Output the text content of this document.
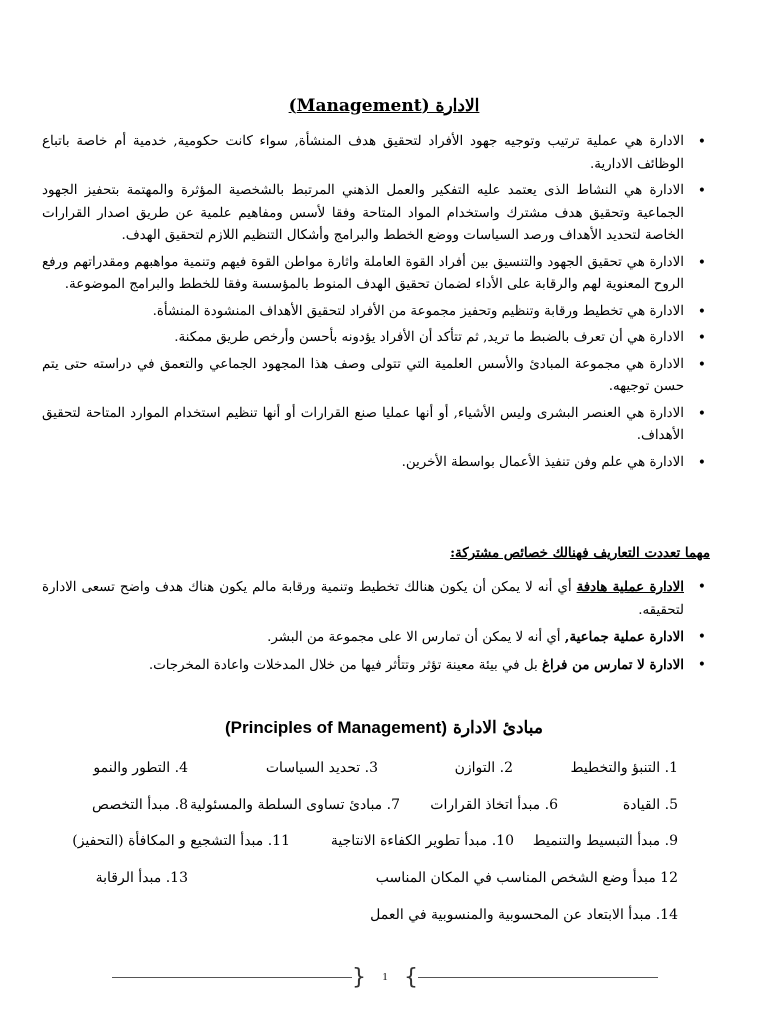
الادارة (Management)
• الادارة هي عملية ترتيب وتوجيه جهود الأفراد لتحقيق هدف المنشأة, سواء كانت حكومية, خدمية أم خاصة باتباع الوظائف الادارية.
• الادارة هي النشاط الذى يعتمد عليه التفكير والعمل الذهني المرتبط بالشخصية المؤثرة والمهتمة بتحفيز الجهود الجماعية وتحقيق هدف مشترك واستخدام المواد المتاحة وفقا لأسس ومفاهيم علمية عن طريق اصدار القرارات الخاصة لتحديد الأهداف ورصد السياسات ووضع الخطط والبرامج وأشكال التنظيم اللازم لتحقيق الهدف.
• الادارة هي تحقيق الجهود والتنسيق بين أفراد القوة العاملة واثارة مواطن القوة فيهم وتنمية مواهبهم ومقدراتهم ورفع الروح المعنوية لهم والرقابة على الأداء لضمان تحقيق الهدف المنوط بالمؤسسة وفقا للخطط والبرامج الموضوعة.
• الادارة هي تخطيط ورقابة وتنظيم وتحفيز مجموعة من الأفراد لتحقيق الأهداف المنشودة المنشأة.
• الادارة هي أن تعرف بالضبط ما تريد, ثم تتأكد أن الأفراد يؤدونه بأحسن وأرخص طريق ممكنة.
• الادارة هي مجموعة المبادئ والأسس العلمية التي تتولى وصف هذا المجهود الجماعي والتعمق في دراسته حتى يتم حسن توجيهه.
• الادارة هي العنصر البشرى وليس الأشياء, أو أنها عمليا صنع القرارات أو أنها تنظيم استخدام الموارد المتاحة لتحقيق الأهداف.
• الادارة هي علم وفن تنفيذ الأعمال بواسطة الأخرين.
مهما تعددت التعاريف فهنالك خصائص مشتركة:
• الادارة عملية هادفة أي أنه لا يمكن أن يكون هنالك تخطيط وتنمية ورقابة مالم يكون هناك هدف واضح تسعى الادارة لتحقيقه.
• الادارة عملية جماعية, أي أنه لا يمكن أن تمارس الا على مجموعة من البشر.
• الادارة لا تمارس من فراغ بل في بيئة معينة تؤثر وتتأثر فيها من خلال المدخلات واعادة المخرجات.
مبادئ الادارة (Principles of Management)
1. التنبؤ والتخطيط
2. التوازن
3. تحديد السياسات
4. التطور والنمو
5. القيادة
6. مبدأ اتخاذ القرارات
7. مبادئ تساوى السلطة والمسئولية
8. مبدأ التخصص
9. مبدأ التبسيط والتنميط
10. مبدأ تطوير الكفاءة الانتاجية
11. مبدأ التشجيع و المكافأة (التحفيز)
12 مبدأ وضع الشخص المناسب في المكان المناسب
13. مبدأ الرقابة
14. مبدأ الابتعاد عن المحسوبية والمنسوبية في العمل
{ }
1
